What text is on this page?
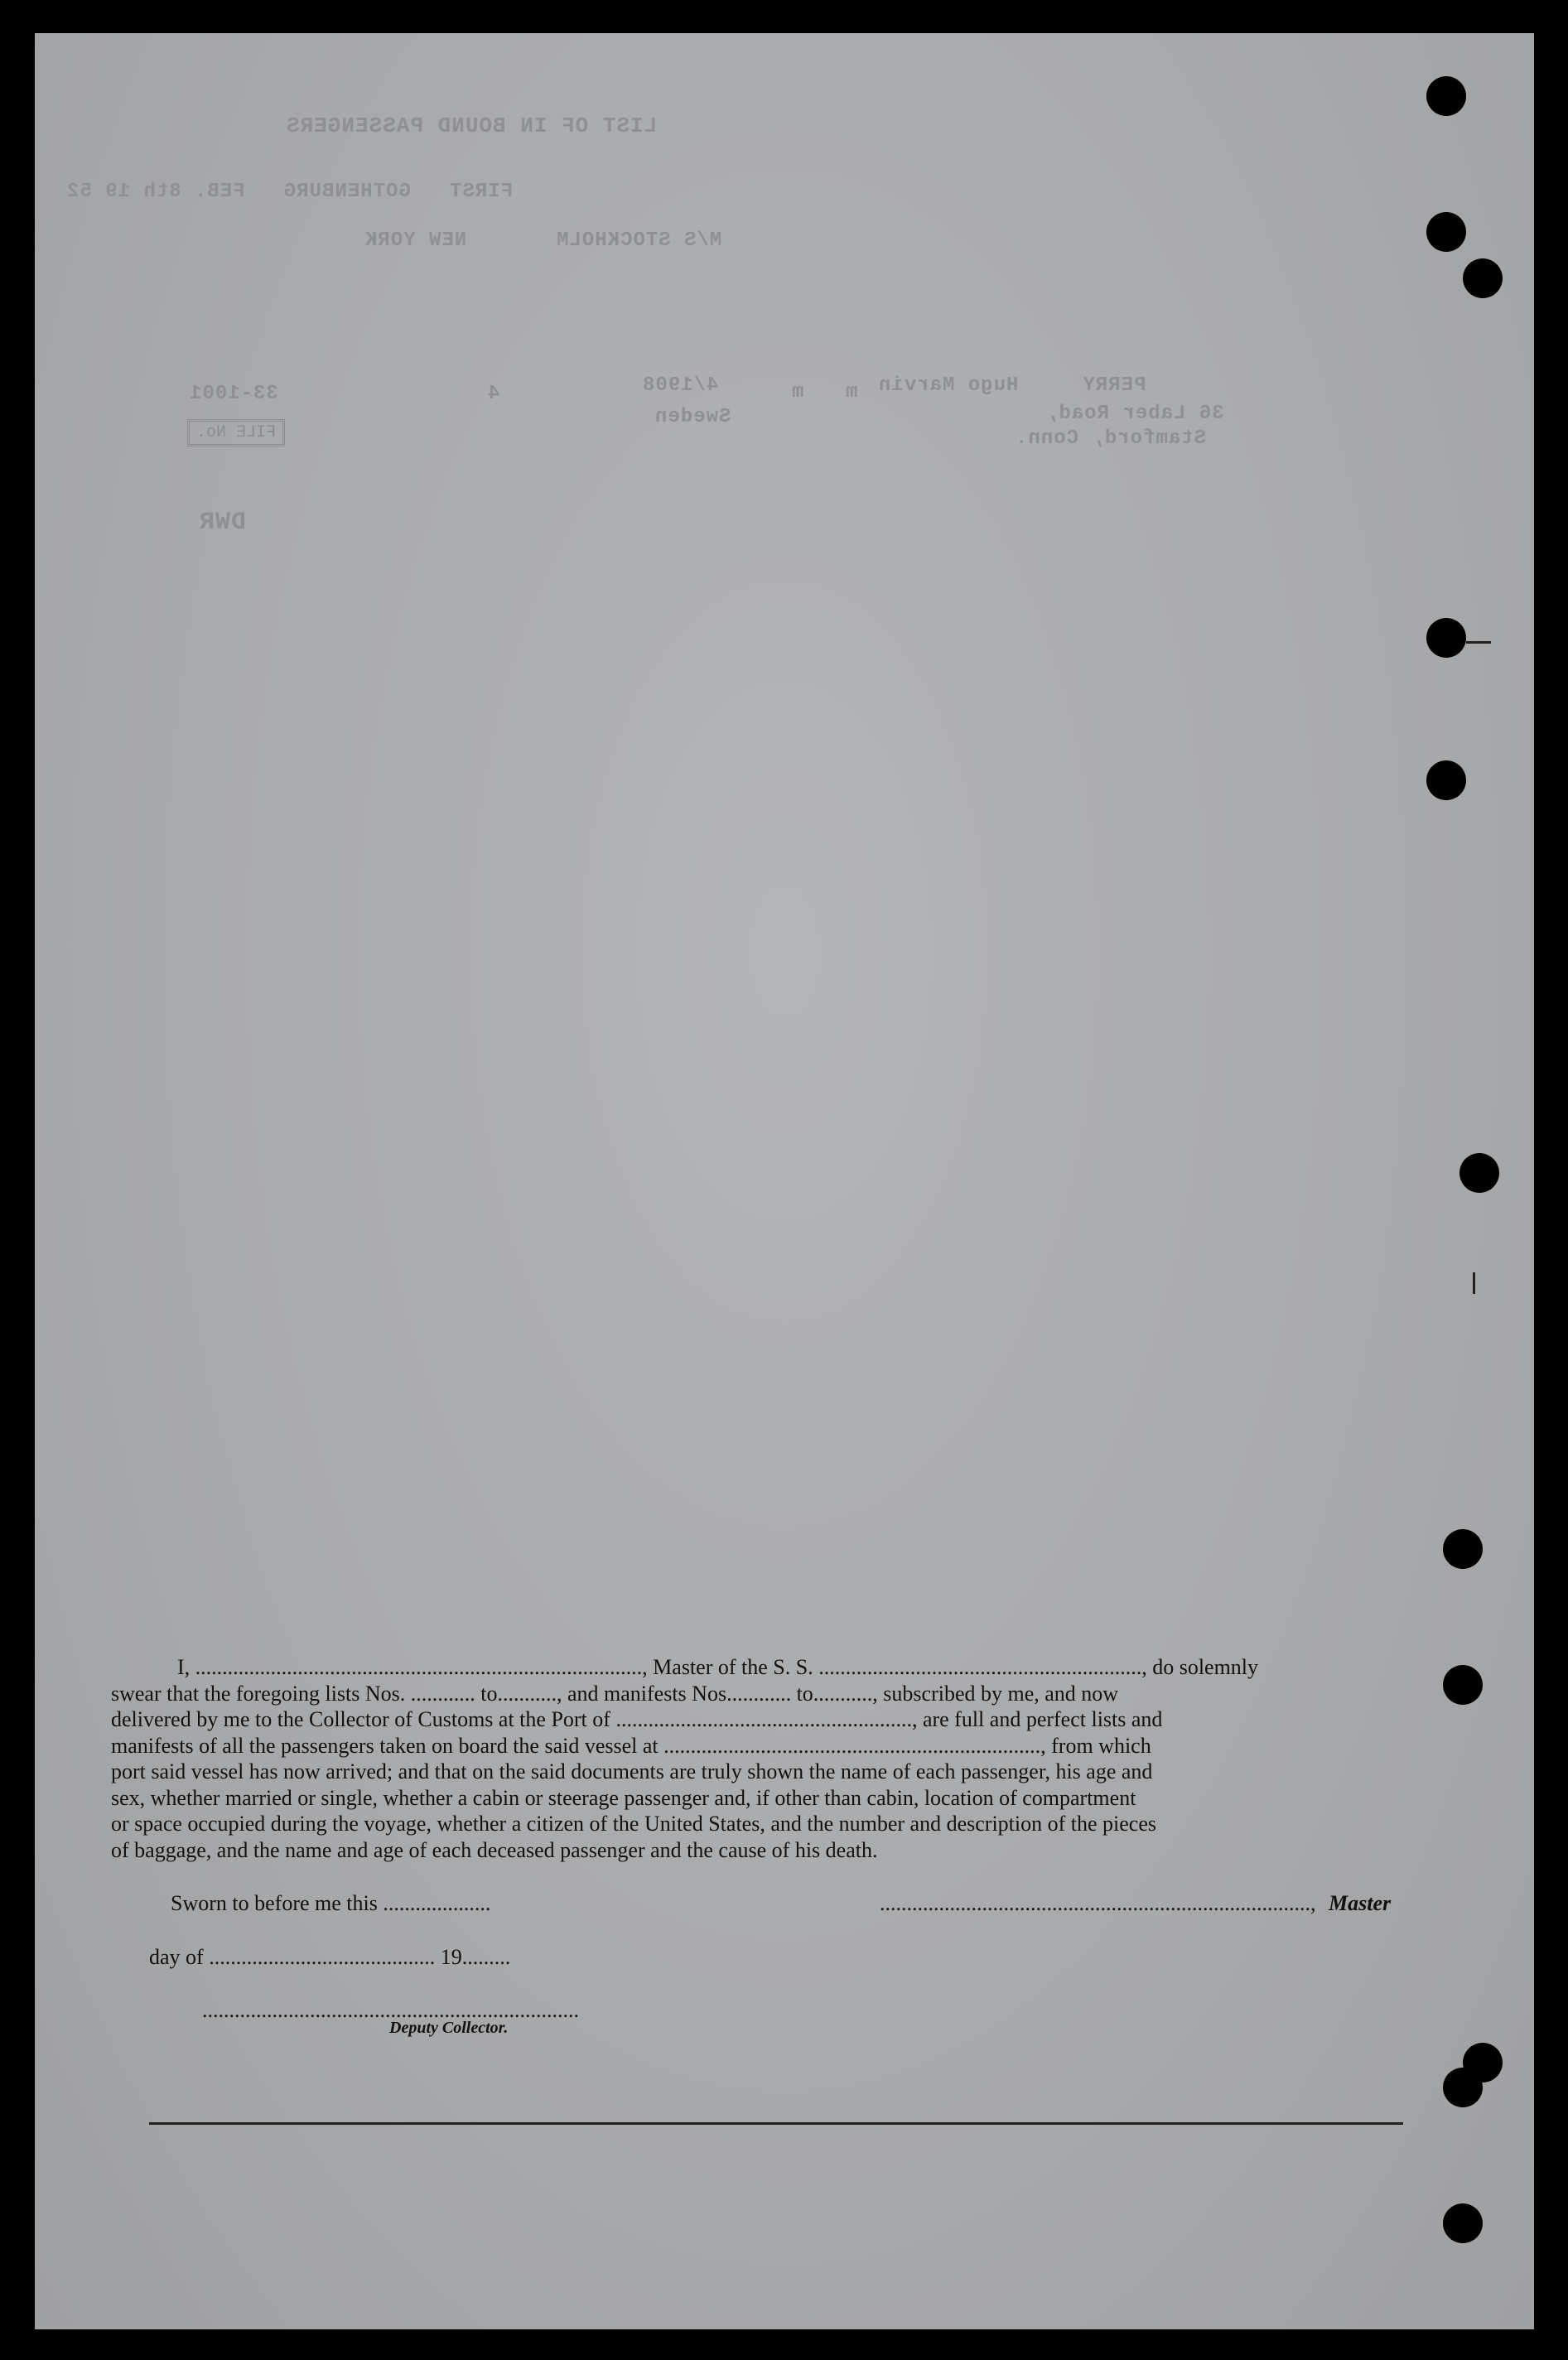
LIST OF IN BOUND PASSENGERS
FIRST   GOTHENBURG   FEB. 8th 19 52
M/S STOCKHOLM       NEW YORK
PERRY     Hugo Marvin
36 Laber Road,
Stamford, Conn.
m
m
4/1908
Sweden
4
33-1001
FILE No.
DWR
I, ..................................................................................., Master of the S. S. ............................................................, do solemnly
swear that the foregoing lists Nos. ............ to..........., and manifests Nos............ to..........., subscribed by me, and now
delivered by me to the Collector of Customs at the Port of ......................................................., are full and perfect lists and
manifests of all the passengers taken on board the said vessel at ......................................................................, from which
port said vessel has now arrived; and that on the said documents are truly shown the name of each passenger, his age and
sex, whether married or single, whether a cabin or steerage passenger and, if other than cabin, location of compartment
or space occupied during the voyage, whether a citizen of the United States, and the number and description of the pieces
of baggage, and the name and age of each deceased passenger and the cause of his death.
Sworn to before me this ....................	................................................................................, Master
day of .......................................... 19.........
......................................................................
Deputy Collector.
